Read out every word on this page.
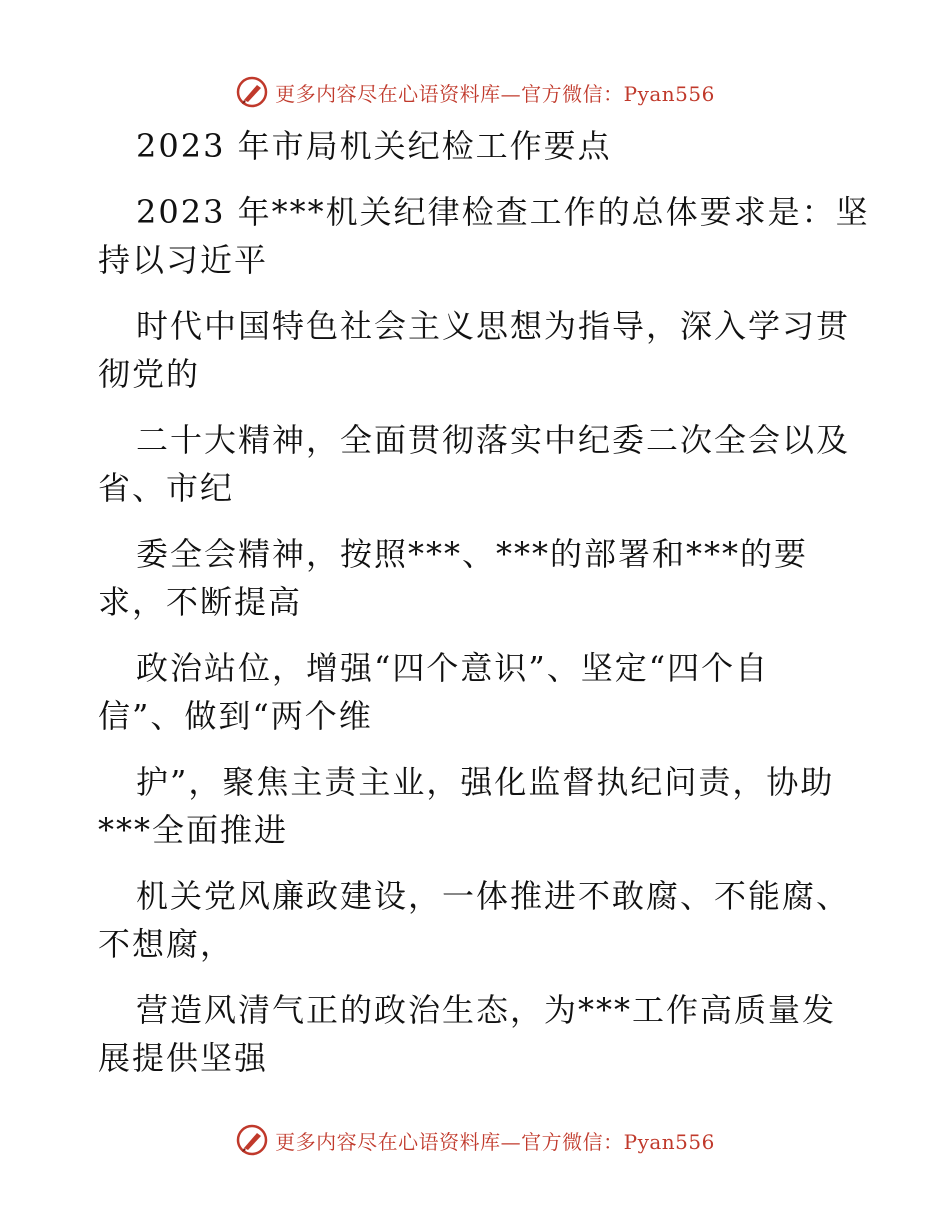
更多内容尽在心语资料库—官方微信：Pyan556
2023 年市局机关纪检工作要点
2023 年***机关纪律检查工作的总体要求是：坚
持以习近平
时代中国特色社会主义思想为指导，深入学习贯
彻党的
二十大精神，全面贯彻落实中纪委二次全会以及
省、市纪
委全会精神，按照***、***的部署和***的要
求，不断提高
政治站位，增强“四个意识”、坚定“四个自
信”、做到“两个维
护”，聚焦主责主业，强化监督执纪问责，协助
***全面推进
机关党风廉政建设，一体推进不敢腐、不能腐、
不想腐，
营造风清气正的政治生态，为***工作高质量发
展提供坚强
更多内容尽在心语资料库—官方微信：Pyan556
